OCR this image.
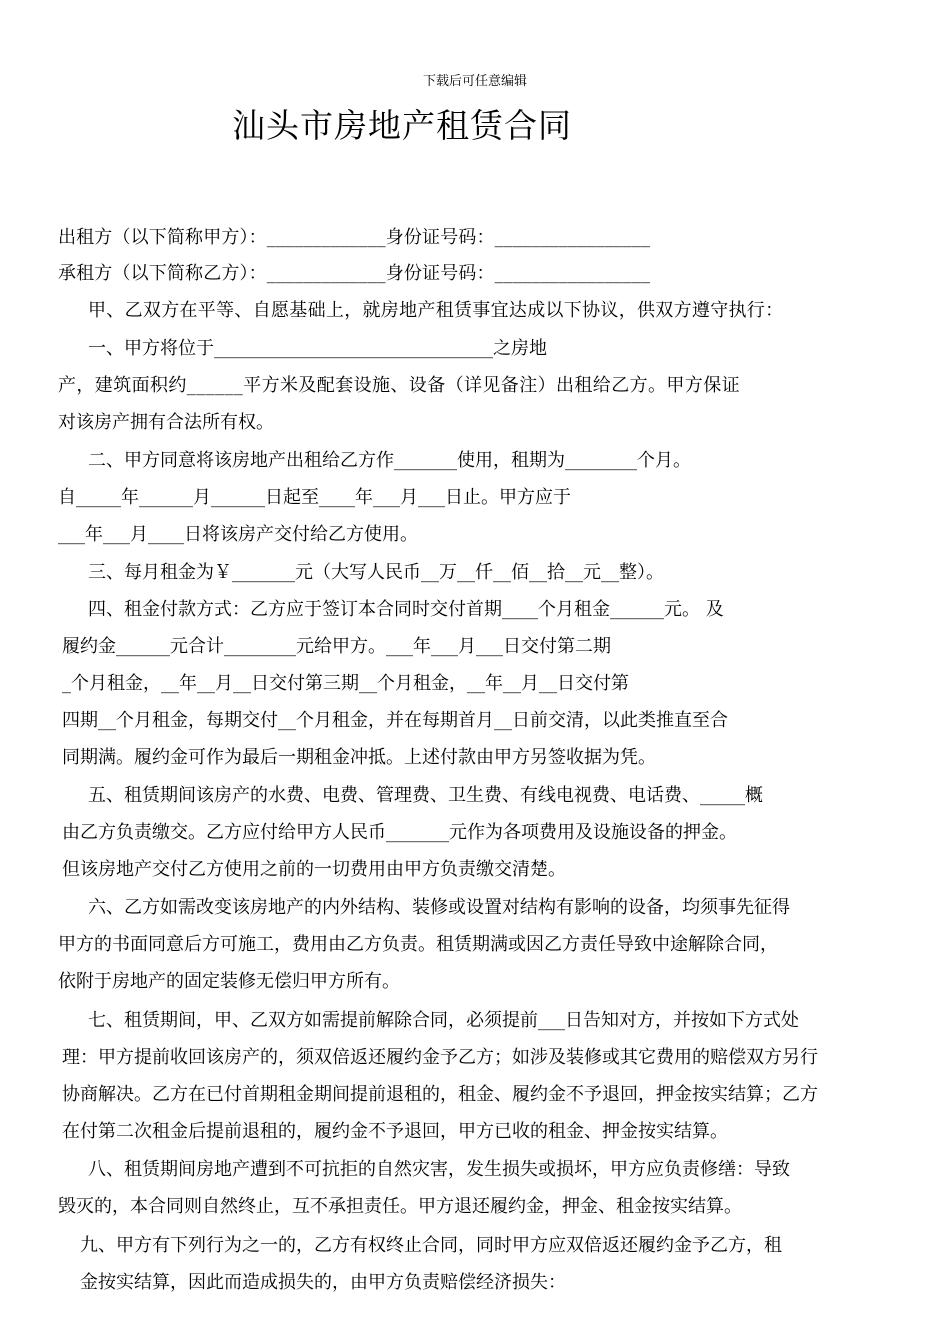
下载后可任意编辑
汕头市房地产租赁合同
出租方（以下简称甲方）：_____________身份证号码：_________________
承租方（以下简称乙方）：_____________身份证号码：_________________
甲、乙双方在平等、自愿基础上，就房地产租赁事宜达成以下协议，供双方遵守执行：
一、甲方将位于_______________________________之房地
产，建筑面积约______平方米及配套设施、设备（详见备注）出租给乙方。甲方保证
对该房产拥有合法所有权。
二、甲方同意将该房地产出租给乙方作_______使用，租期为________个月。
自_____年______月______日起至____年___月___日止。甲方应于
___年___月____日将该房产交付给乙方使用。
三、每月租金为￥_______元（大写人民币__万__仟__佰__拾__元__整）。
四、租金付款方式：乙方应于签订本合同时交付首期____个月租金______元。 及
履约金______元合计________元给甲方。___年___月___日交付第二期
_个月租金，__年__月__日交付第三期__个月租金，__年__月__日交付第
四期__个月租金，每期交付__个月租金，并在每期首月__日前交清，以此类推直至合
同期满。履约金可作为最后一期租金冲抵。上述付款由甲方另签收据为凭。
五、租赁期间该房产的水费、电费、管理费、卫生费、有线电视费、电话费、_____概
由乙方负责缴交。乙方应付给甲方人民币_______元作为各项费用及设施设备的押金。
但该房地产交付乙方使用之前的一切费用由甲方负责缴交清楚。
六、乙方如需改变该房地产的内外结构、装修或设置对结构有影响的设备，均须事先征得
甲方的书面同意后方可施工，费用由乙方负责。租赁期满或因乙方责任导致中途解除合同，
依附于房地产的固定装修无偿归甲方所有。
七、租赁期间，甲、乙双方如需提前解除合同，必须提前___日告知对方，并按如下方式处
理：甲方提前收回该房产的，须双倍返还履约金予乙方；如涉及装修或其它费用的赔偿双方另行
协商解决。乙方在已付首期租金期间提前退租的，租金、履约金不予退回，押金按实结算；乙方
在付第二次租金后提前退租的，履约金不予退回，甲方已收的租金、押金按实结算。
八、租赁期间房地产遭到不可抗拒的自然灾害，发生损失或损坏，甲方应负责修缮：导致
毁灭的，本合同则自然终止，互不承担责任。甲方退还履约金，押金、租金按实结算。
九、甲方有下列行为之一的，乙方有权终止合同，同时甲方应双倍返还履约金予乙方，租
金按实结算，因此而造成损失的，由甲方负责赔偿经济损失：
